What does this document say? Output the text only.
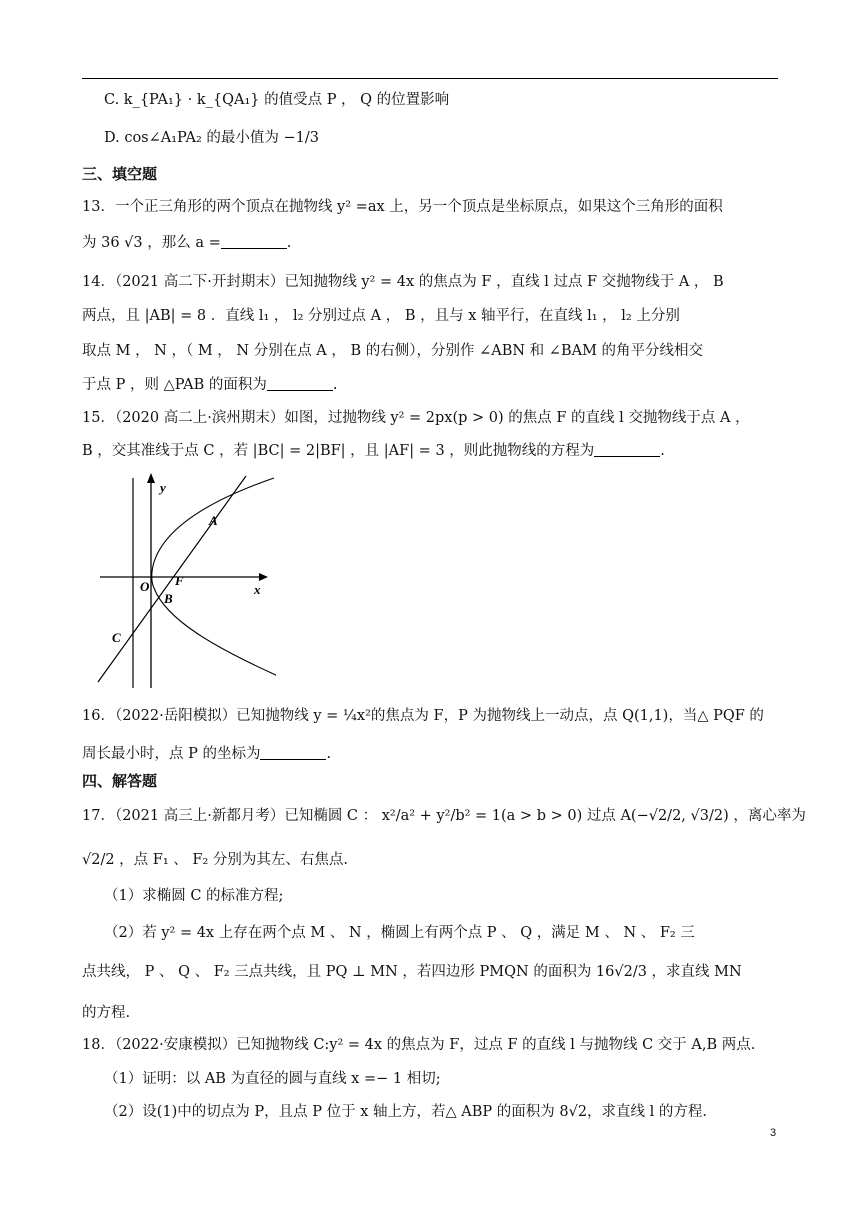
C. k_{PA₁} · k_{QA₁} 的值受点 P ， Q 的位置影响
D. cos∠A₁PA₂ 的最小值为 −1/3
三、填空题
13．一个正三角形的两个顶点在抛物线 y² =ax 上，另一个顶点是坐标原点，如果这个三角形的面积
为 36 √3 ，那么 a =	.
14．（2021 高二下·开封期末）已知抛物线 y² = 4x 的焦点为 F ，直线 l 过点 F 交抛物线于 A ， B
两点，且 |AB| = 8 ．直线 l₁ ， l₂ 分别过点 A ， B ，且与 x 轴平行，在直线 l₁ ， l₂ 上分别
取点 M ， N ，（ M ， N 分别在点 A ， B 的右侧），分别作 ∠ABN 和 ∠BAM 的角平分线相交
于点 P ，则 △PAB 的面积为	.
15．（2020 高二上·滨州期末）如图，过抛物线 y² = 2px(p > 0) 的焦点 F 的直线 l 交抛物线于点 A ，
B ，交其准线于点 C ，若 |BC| = 2|BF| ，且 |AF| = 3 ，则此抛物线的方程为	.
y
x
O F
A
B
C
16．（2022·岳阳模拟）已知抛物线 y = ¼x²的焦点为 F，P 为抛物线上一动点，点 Q(1,1)，当△ PQF 的
周长最小时，点 P 的坐标为	.
四、解答题
17．（2021 高三上·新都月考）已知椭圆 C ： x²/a² + y²/b² = 1(a > b > 0) 过点 A(−√2/2, √3/2) ，离心率为
√2/2 ，点 F₁ 、 F₂ 分别为其左、右焦点.
（1）求椭圆 C 的标准方程;
（2）若 y² = 4x 上存在两个点 M 、 N ，椭圆上有两个点 P 、 Q ，满足 M 、 N 、 F₂ 三
点共线， P 、 Q 、 F₂ 三点共线，且 PQ ⊥ MN ，若四边形 PMQN 的面积为 16√2/3 ，求直线 MN
的方程.
18．（2022·安康模拟）已知抛物线 C:y² = 4x 的焦点为 F，过点 F 的直线 l 与抛物线 C 交于 A,B 两点.
（1）证明：以 AB 为直径的圆与直线 x =− 1 相切;
（2）设(1)中的切点为 P，且点 P 位于 x 轴上方，若△ ABP 的面积为 8√2，求直线 l 的方程.
3
